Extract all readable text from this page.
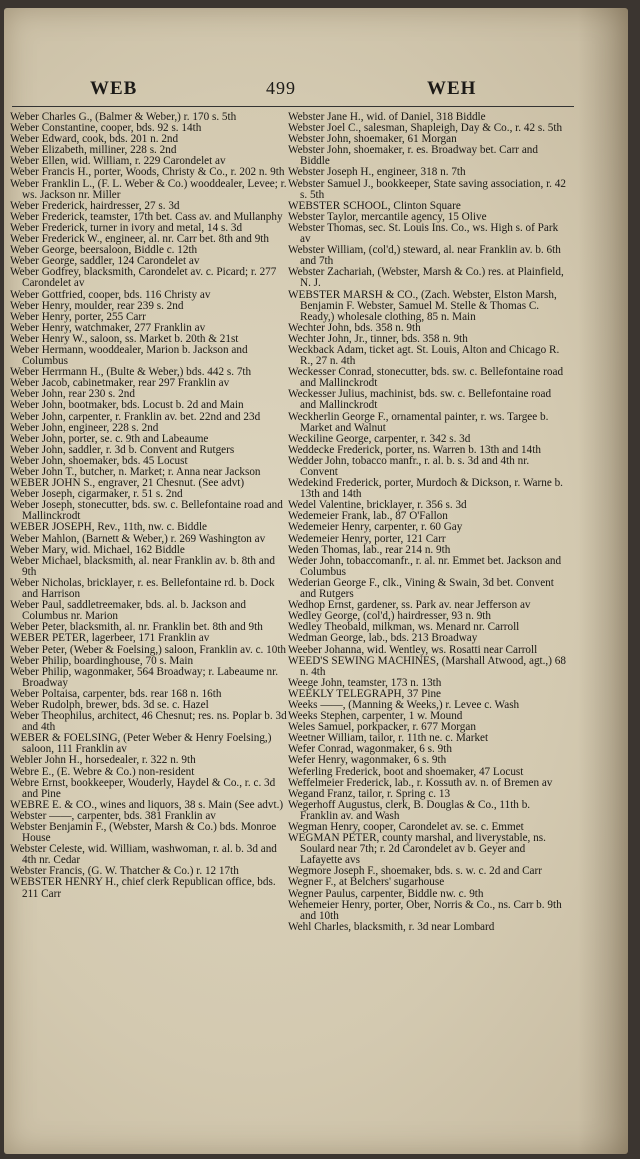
WEB	499	WEH

Weber Charles G., (Balmer & Weber,) r. 170 s. 5th

Weber Constantine, cooper, bds. 92 s. 14th

Weber Edward, cook, bds. 201 n. 2nd

Weber Elizabeth, milliner, 228 s. 2nd

Weber Ellen, wid. William, r. 229 Carondelet av

Weber Francis H., porter, Woods, Christy & Co., r. 202 n. 9th

Weber Franklin L., (F. L. Weber & Co.) wooddealer, Levee; r. ws. Jackson nr. Miller

Weber Frederick, hairdresser, 27 s. 3d

Weber Frederick, teamster, 17th bet. Cass av. and Mullanphy

Weber Frederick, turner in ivory and metal, 14 s. 3d

Weber Frederick W., engineer, al. nr. Carr bet. 8th and 9th

Weber George, beersaloon, Biddle c. 12th

Weber George, saddler, 124 Carondelet av

Weber Godfrey, blacksmith, Carondelet av. c. Picard; r. 277 Carondelet av

Weber Gottfried, cooper, bds. 116 Christy av

Weber Henry, moulder, rear 239 s. 2nd

Weber Henry, porter, 255 Carr

Weber Henry, watchmaker, 277 Franklin av

Weber Henry W., saloon, ss. Market b. 20th & 21st

Weber Hermann, wooddealer, Marion b. Jackson and Columbus

Weber Herrmann H., (Bulte & Weber,) bds. 442 s. 7th

Weber Jacob, cabinetmaker, rear 297 Franklin av

Weber John, rear 230 s. 2nd

Weber John, bootmaker, bds. Locust b. 2d and Main

Weber John, carpenter, r. Franklin av. bet. 22nd and 23d

Weber John, engineer, 228 s. 2nd

Weber John, porter, se. c. 9th and Labeaume

Weber John, saddler, r. 3d b. Convent and Rutgers

Weber John, shoemaker, bds. 45 Locust

Weber John T., butcher, n. Market; r. Anna near Jackson

WEBER JOHN S., engraver, 21 Chesnut. (See advt)

Weber Joseph, cigarmaker, r. 51 s. 2nd

Weber Joseph, stonecutter, bds. sw. c. Bellefontaine road and Mallinckrodt

WEBER JOSEPH, Rev., 11th, nw. c. Biddle

Weber Mahlon, (Barnett & Weber,) r. 269 Washington av

Weber Mary, wid. Michael, 162 Biddle

Weber Michael, blacksmith, al. near Franklin av. b. 8th and 9th

Weber Nicholas, bricklayer, r. es. Bellefontaine rd. b. Dock and Harrison

Weber Paul, saddletreemaker, bds. al. b. Jackson and Columbus nr. Marion

Weber Peter, blacksmith, al. nr. Franklin bet. 8th and 9th

WEBER PETER, lagerbeer, 171 Franklin av

Weber Peter, (Weber & Foelsing,) saloon, Franklin av. c. 10th

Weber Philip, boardinghouse, 70 s. Main

Weber Philip, wagonmaker, 564 Broadway; r. Labeaume nr. Broadway

Weber Poltaisa, carpenter, bds. rear 168 n. 16th

Weber Rudolph, brewer, bds. 3d se. c. Hazel

Weber Theophilus, architect, 46 Chesnut; res. ns. Poplar b. 3d and 4th

WEBER & FOELSING, (Peter Weber & Henry Foelsing,) saloon, 111 Franklin av

Webler John H., horsedealer, r. 322 n. 9th

Webre E., (E. Webre & Co.) non-resident

Webre Ernst, bookkeeper, Wouderly, Haydel & Co., r. c. 3d and Pine

WEBRE E. & CO., wines and liquors, 38 s. Main (See advt.)

Webster ——, carpenter, bds. 381 Franklin av

Webster Benjamin F., (Webster, Marsh & Co.) bds. Monroe House

Webster Celeste, wid. William, washwoman, r. al. b. 3d and 4th nr. Cedar

Webster Francis, (G. W. Thatcher & Co.) r. 12 17th

WEBSTER HENRY H., chief clerk Republican office, bds. 211 Carr

Webster Jane H., wid. of Daniel, 318 Biddle

Webster Joel C., salesman, Shapleigh, Day & Co., r. 42 s. 5th

Webster John, shoemaker, 61 Morgan

Webster John, shoemaker, r. es. Broadway bet. Carr and Biddle

Webster Joseph H., engineer, 318 n. 7th

Webster Samuel J., bookkeeper, State saving association, r. 42 s. 5th

WEBSTER SCHOOL, Clinton Square

Webster Taylor, mercantile agency, 15 Olive

Webster Thomas, sec. St. Louis Ins. Co., ws. High s. of Park av

Webster William, (col'd,) steward, al. near Franklin av. b. 6th and 7th

Webster Zachariah, (Webster, Marsh & Co.) res. at Plainfield, N. J.

WEBSTER MARSH & CO., (Zach. Webster, Elston Marsh, Benjamin F. Webster, Samuel M. Stelle & Thomas C. Ready,) wholesale clothing, 85 n. Main

Wechter John, bds. 358 n. 9th

Wechter John, Jr., tinner, bds. 358 n. 9th

Weckback Adam, ticket agt. St. Louis, Alton and Chicago R. R., 27 n. 4th

Weckesser Conrad, stonecutter, bds. sw. c. Bellefontaine road and Mallinckrodt

Weckesser Julius, machinist, bds. sw. c. Bellefontaine road and Mallinckrodt

Weckherlin George F., ornamental painter, r. ws. Targee b. Market and Walnut

Weckiline George, carpenter, r. 342 s. 3d

Weddecke Frederick, porter, ns. Warren b. 13th and 14th

Wedder John, tobacco manfr., r. al. b. s. 3d and 4th nr. Convent

Wedekind Frederick, porter, Murdoch & Dickson, r. Warne b. 13th and 14th

Wedel Valentine, bricklayer, r. 356 s. 3d

Wedemeier Frank, lab., 87 O'Fallon

Wedemeier Henry, carpenter, r. 60 Gay

Wedemeier Henry, porter, 121 Carr

Weden Thomas, lab., rear 214 n. 9th

Weder John, tobaccomanfr., r. al. nr. Emmet bet. Jackson and Columbus

Wederian George F., clk., Vining & Swain, 3d bet. Convent and Rutgers

Wedhop Ernst, gardener, ss. Park av. near Jefferson av

Wedley George, (col'd,) hairdresser, 93 n. 9th

Wedley Theobald, milkman, ws. Menard nr. Carroll

Wedman George, lab., bds. 213 Broadway

Weeber Johanna, wid. Wentley, ws. Rosatti near Carroll

WEED'S SEWING MACHINES, (Marshall Atwood, agt.,) 68 n. 4th

Weege John, teamster, 173 n. 13th

WEEKLY TELEGRAPH, 37 Pine

Weeks ——, (Manning & Weeks,) r. Levee c. Wash

Weeks Stephen, carpenter, 1 w. Mound

Weles Samuel, porkpacker, r. 677 Morgan

Weetner William, tailor, r. 11th ne. c. Market

Wefer Conrad, wagonmaker, 6 s. 9th

Wefer Henry, wagonmaker, 6 s. 9th

Weferling Frederick, boot and shoemaker, 47 Locust

Weffelmeier Frederick, lab., r. Kossuth av. n. of Bremen av

Wegand Franz, tailor, r. Spring c. 13

Wegerhoff Augustus, clerk, B. Douglas & Co., 11th b. Franklin av. and Wash

Wegman Henry, cooper, Carondelet av. se. c. Emmet

WEGMAN PETER, county marshal, and liverystable, ns. Soulard near 7th; r. 2d Carondelet av b. Geyer and Lafayette avs

Wegmore Joseph F., shoemaker, bds. s. w. c. 2d and Carr

Wegner F., at Belchers' sugarhouse

Wegner Paulus, carpenter, Biddle nw. c. 9th

Wehemeier Henry, porter, Ober, Norris & Co., ns. Carr b. 9th and 10th

Wehl Charles, blacksmith, r. 3d near Lombard
